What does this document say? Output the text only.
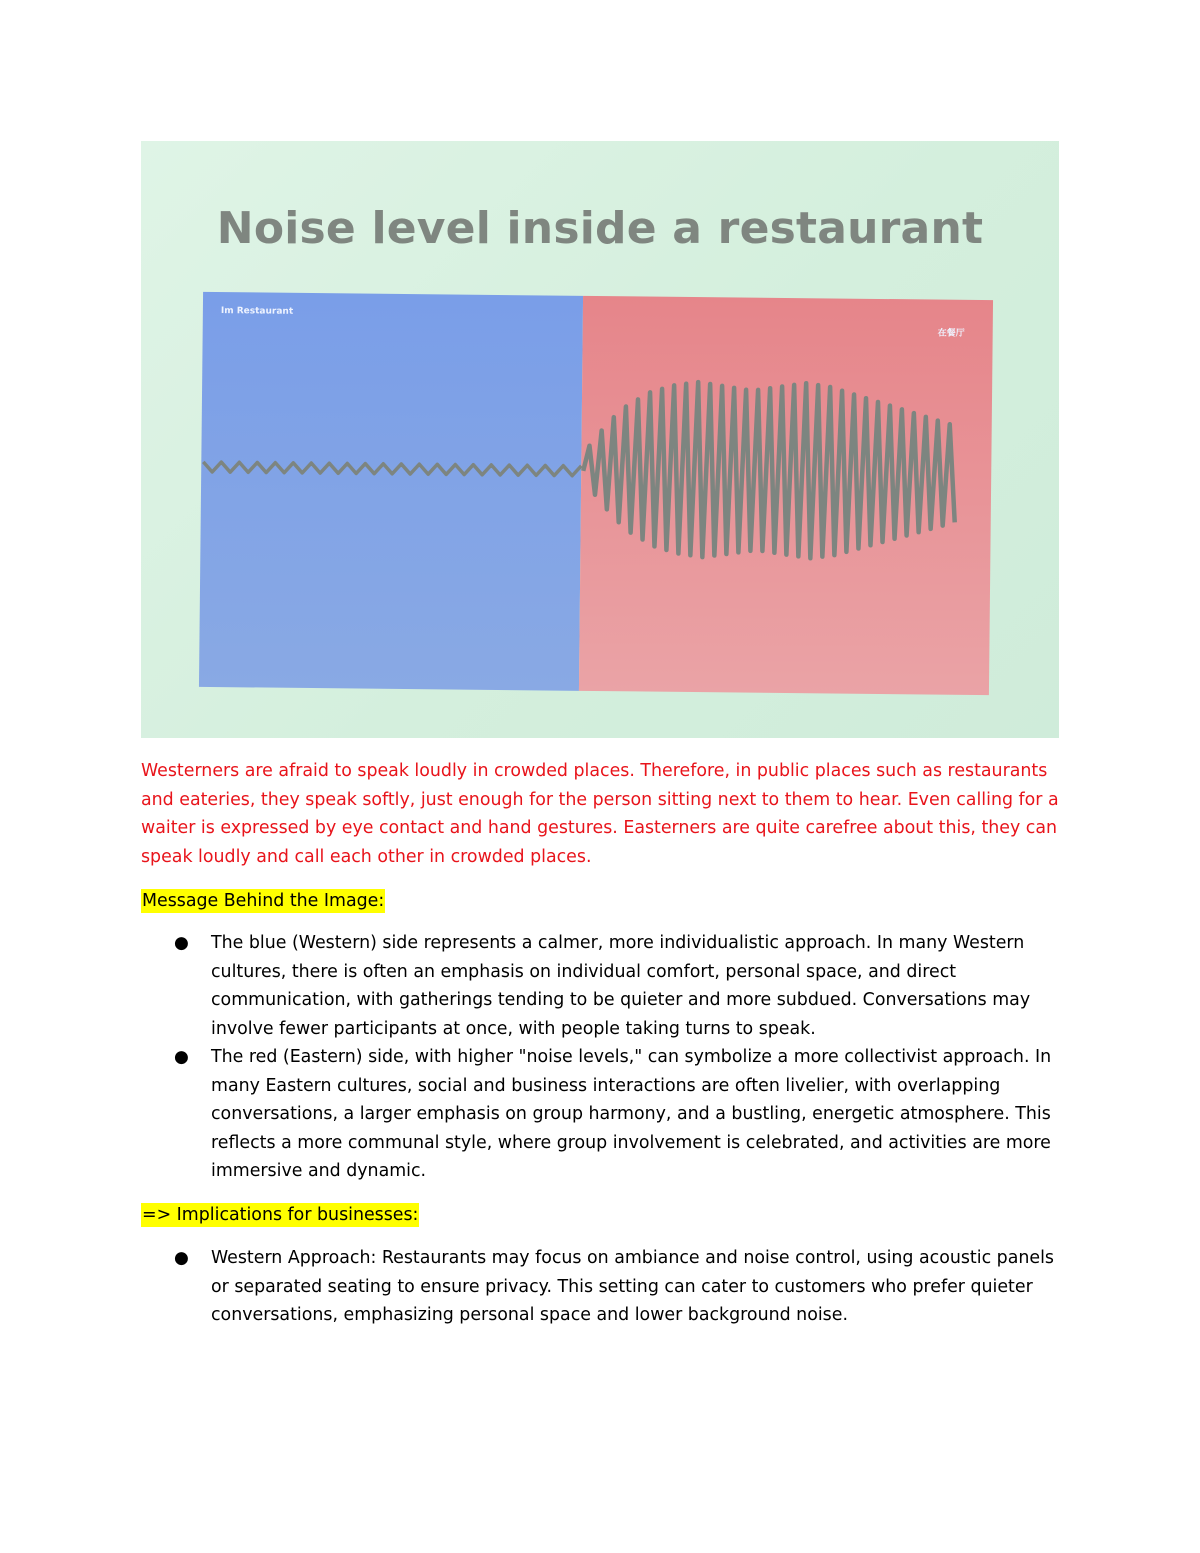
Noise level inside a restaurant
Im Restaurant
在餐厅
Westerners are afraid to speak loudly in crowded places. Therefore, in public places such as restaurants and eateries, they speak softly, just enough for the person sitting next to them to hear. Even calling for a waiter is expressed by eye contact and hand gestures. Easterners are quite carefree about this, they can speak loudly and call each other in crowded places.
Message Behind the Image:
● The blue (Western) side represents a calmer, more individualistic approach. In many Western cultures, there is often an emphasis on individual comfort, personal space, and direct communication, with gatherings tending to be quieter and more subdued. Conversations may involve fewer participants at once, with people taking turns to speak.
● The red (Eastern) side, with higher "noise levels," can symbolize a more collectivist approach. In many Eastern cultures, social and business interactions are often livelier, with overlapping conversations, a larger emphasis on group harmony, and a bustling, energetic atmosphere. This reflects a more communal style, where group involvement is celebrated, and activities are more immersive and dynamic.
=> Implications for businesses:
● Western Approach: Restaurants may focus on ambiance and noise control, using acoustic panels or separated seating to ensure privacy. This setting can cater to customers who prefer quieter conversations, emphasizing personal space and lower background noise.
